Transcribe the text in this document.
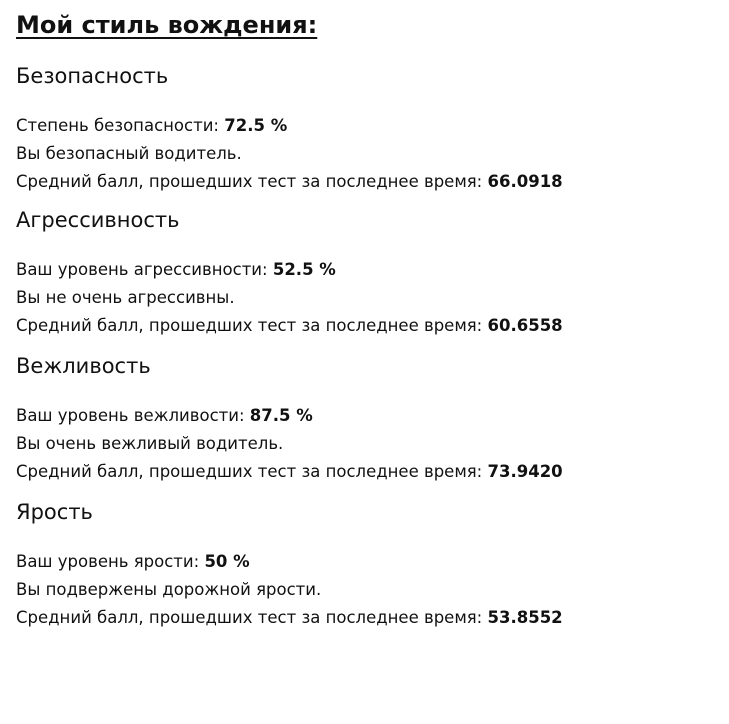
Мой стиль вождения:
Безопасность
Степень безопасности: 72.5 %
Вы безопасный водитель.
Средний балл, прошедших тест за последнее время: 66.0918
Агрессивность
Ваш уровень агрессивности: 52.5 %
Вы не очень агрессивны.
Средний балл, прошедших тест за последнее время: 60.6558
Вежливость
Ваш уровень вежливости: 87.5 %
Вы очень вежливый водитель.
Средний балл, прошедших тест за последнее время: 73.9420
Ярость
Ваш уровень ярости: 50 %
Вы подвержены дорожной ярости.
Средний балл, прошедших тест за последнее время: 53.8552
